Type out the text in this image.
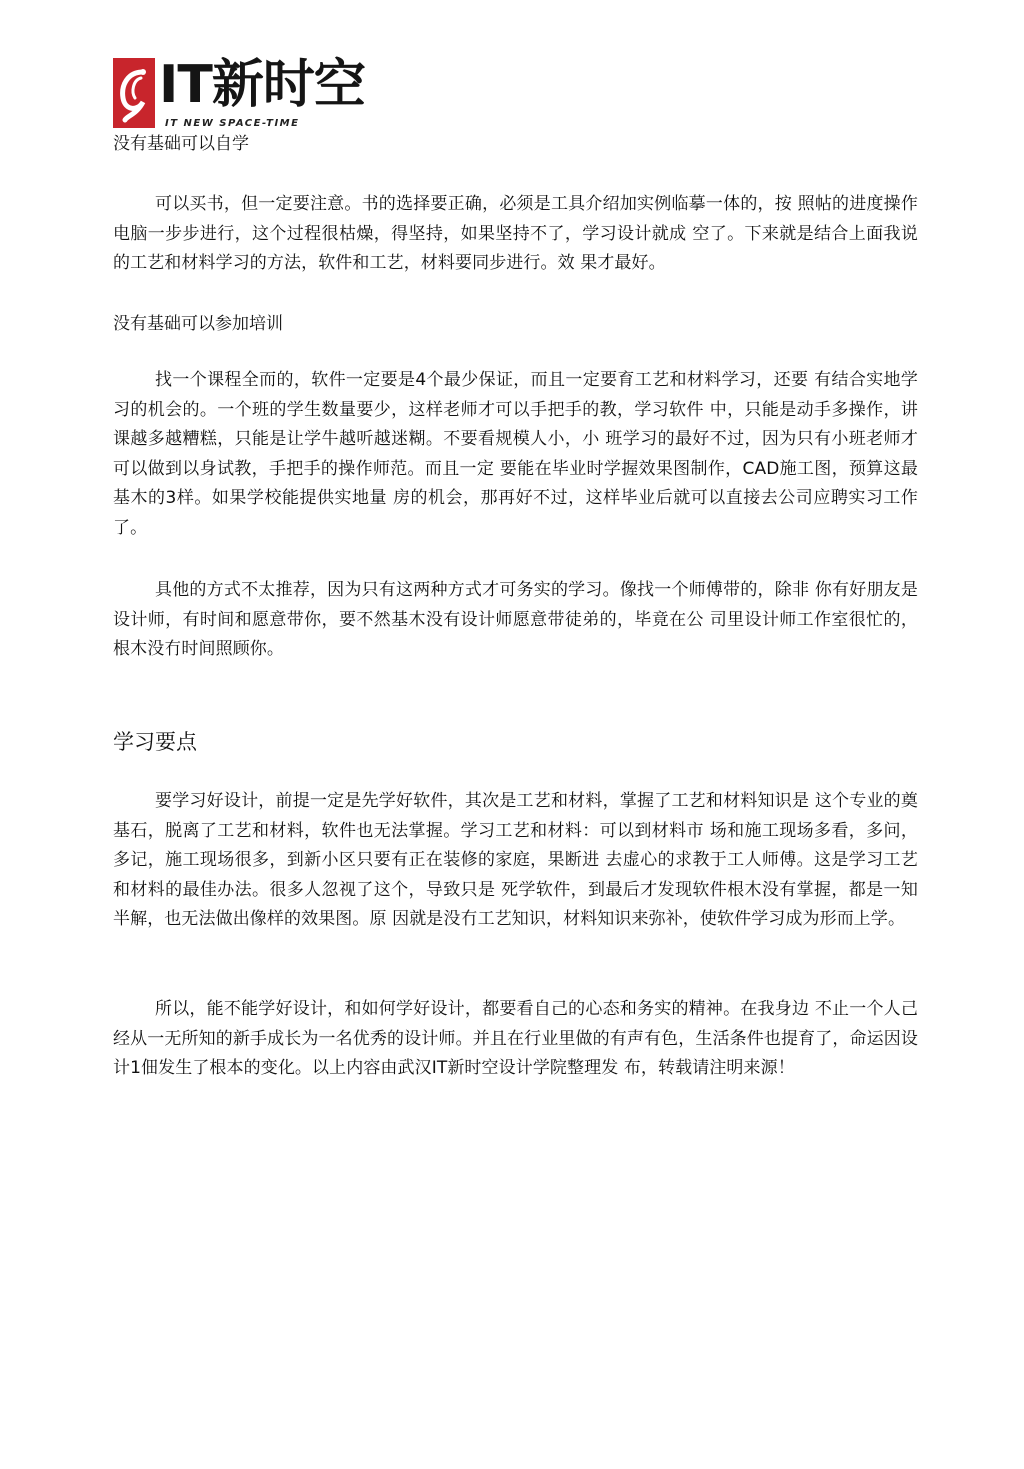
IT新时空
IT NEW SPACE-TIME
没有基础可以自学

可以买书，但一定要注意。书的选择要正确，必须是工具介绍加实例临摹一体的，按 照帖的进度操作电脑一步步进行，这个过程很枯燥，得坚持，如果坚持不了，学习设计就成 空了。下来就是结合上面我说的工艺和材料学习的方法，软件和工艺，材料要同步进行。效 果才最好。

没有基础可以参加培训

找一个课程全而的，软件一定要是4个最少保证，而且一定要育工艺和材料学习，还要 有结合实地学习的机会的。一个班的学生数量要少，这样老师才可以手把手的教，学习软件 中，只能是动手多操作，讲课越多越糟糕，只能是让学牛越听越迷糊。不要看规模人小，小 班学习的最好不过，因为只有小班老师才可以做到以身试教，手把手的操作师范。而且一定 要能在毕业时学握效果图制作，CAD施工图，预算这最基木的3样。如果学校能提供实地量 房的机会，那再好不过，这样毕业后就可以直接去公司应聘实习工作了。

具他的方式不太推荐，因为只有这两种方式才可务实的学习。像找一个师傅带的，除非 你有好朋友是设计师，有时间和愿意带你，要不然基木没有设计师愿意带徒弟的，毕竟在公 司里设计师工作室很忙的，根木没冇时间照顾你。

学习要点

要学习好设计，前提一定是先学好软件，其次是工艺和材料，掌握了工艺和材料知识是 这个专业的奠基石，脱离了工艺和材料，软件也无法掌握。学习工艺和材料：可以到材料市 场和施工现场多看，多问，多记，施工现场很多，到新小区只要有正在装修的家庭，果断进 去虚心的求教于工人师傅。这是学习工艺和材料的最佳办法。很多人忽视了这个，导致只是 死学软件，到最后才发现软件根木没有掌握，都是一知半解，也无法做出像样的效果图。原 因就是没冇工艺知识，材料知识来弥补，使软件学习成为形而上学。

所以，能不能学好设计，和如何学好设计，都要看自己的心态和务实的精神。在我身边 不止一个人己经从一无所知的新手成长为一名优秀的设计师。并且在行业里做的有声有色，生活条件也提育了，命运因设计1佃发生了根本的变化。以上内容由武汉IT新时空设计学院整理发 布，转载请注明来源！
